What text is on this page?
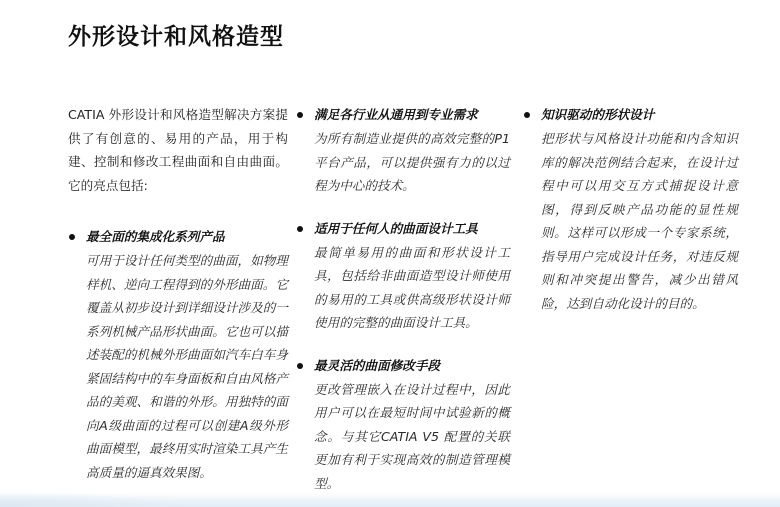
外形设计和风格造型

CATIA 外形设计和风格造型解决方案提供了有创意的、易用的产品，用于构建、控制和修改工程曲面和自由曲面。它的亮点包括:

最全面的集成化系列产品

可用于设计任何类型的曲面，如物理样机、逆向工程得到的外形曲面。它覆盖从初步设计到详细设计涉及的一系列机械产品形状曲面。它也可以描述装配的机械外形曲面如汽车白车身紧固结构中的车身面板和自由风格产品的美观、和谐的外形。用独特的面向A级曲面的过程可以创建A级外形曲面模型，最终用实时渲染工具产生高质量的逼真效果图。

满足各行业从通用到专业需求

为所有制造业提供的高效完整的P1 平台产品，可以提供强有力的以过程为中心的技术。

适用于任何人的曲面设计工具

最简单易用的曲面和形状设计工具，包括给非曲面造型设计师使用的易用的工具或供高级形状设计师使用的完整的曲面设计工具。

最灵活的曲面修改手段

更改管理嵌入在设计过程中，因此用户可以在最短时间中试验新的概念。与其它CATIA V5 配置的关联更加有利于实现高效的制造管理模型。

知识驱动的形状设计

把形状与风格设计功能和内含知识库的解决范例结合起来，在设计过程中可以用交互方式捕捉设计意图，得到反映产品功能的显性规则。这样可以形成一个专家系统，指导用户完成设计任务，对违反规则和冲突提出警告，减少出错风险，达到自动化设计的目的。
